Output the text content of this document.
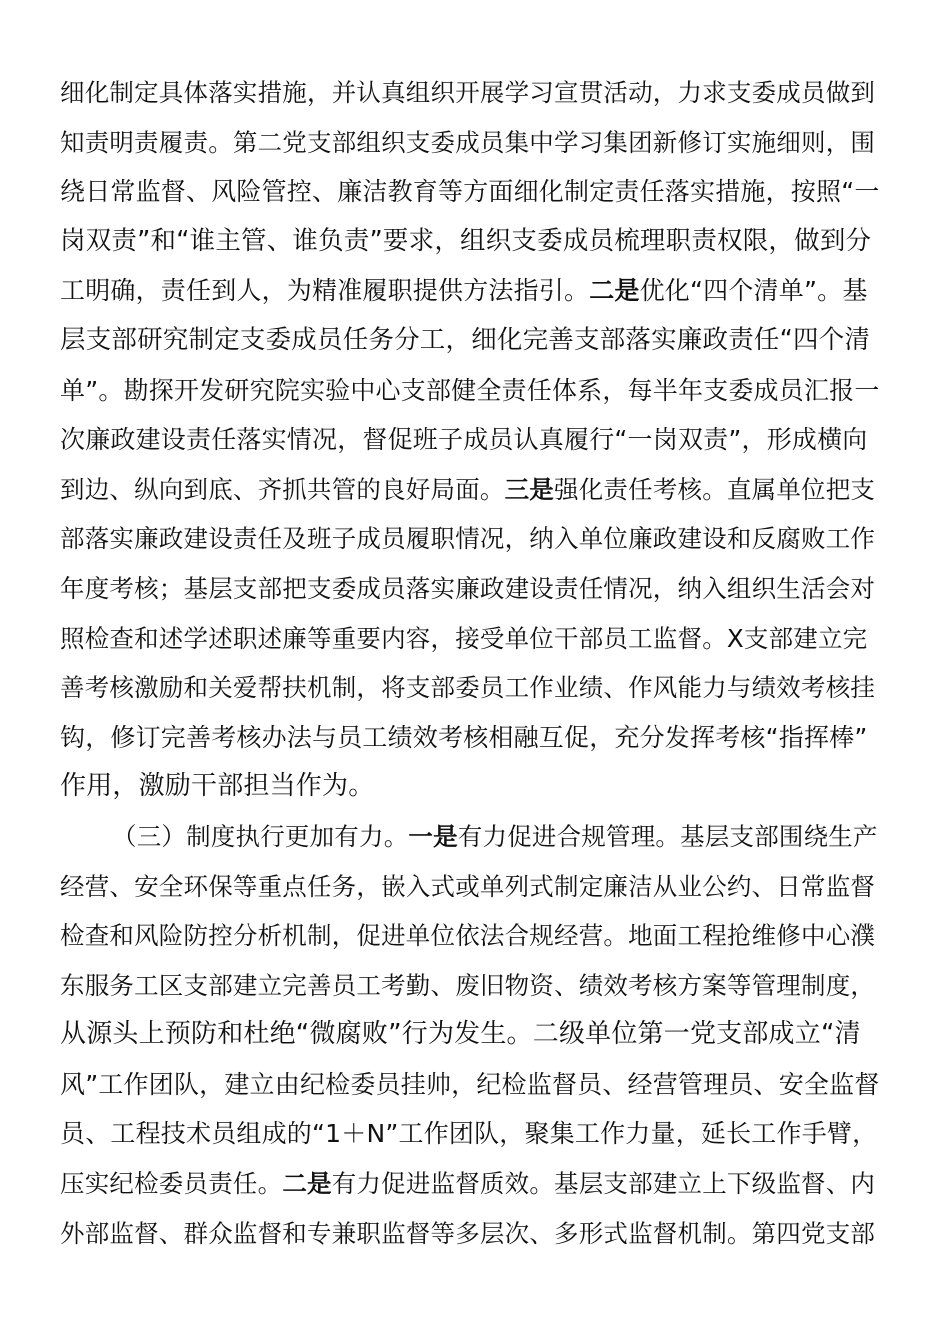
细化制定具体落实措施，并认真组织开展学习宣贯活动，力求支委成员做到
知责明责履责。第二党支部组织支委成员集中学习集团新修订实施细则，围
绕日常监督、风险管控、廉洁教育等方面细化制定责任落实措施，按照“一
岗双责”和“谁主管、谁负责”要求，组织支委成员梳理职责权限，做到分
工明确，责任到人，为精准履职提供方法指引。二是优化“四个清单”。基
层支部研究制定支委成员任务分工，细化完善支部落实廉政责任“四个清
单”。勘探开发研究院实验中心支部健全责任体系，每半年支委成员汇报一
次廉政建设责任落实情况，督促班子成员认真履行“一岗双责”，形成横向
到边、纵向到底、齐抓共管的良好局面。三是强化责任考核。直属单位把支
部落实廉政建设责任及班子成员履职情况，纳入单位廉政建设和反腐败工作
年度考核；基层支部把支委成员落实廉政建设责任情况，纳入组织生活会对
照检查和述学述职述廉等重要内容，接受单位干部员工监督。X支部建立完
善考核激励和关爱帮扶机制，将支部委员工作业绩、作风能力与绩效考核挂
钩，修订完善考核办法与员工绩效考核相融互促，充分发挥考核“指挥棒”
作用，激励干部担当作为。
（三）制度执行更加有力。一是有力促进合规管理。基层支部围绕生产
经营、安全环保等重点任务，嵌入式或单列式制定廉洁从业公约、日常监督
检查和风险防控分析机制，促进单位依法合规经营。地面工程抢维修中心濮
东服务工区支部建立完善员工考勤、废旧物资、绩效考核方案等管理制度，
从源头上预防和杜绝“微腐败”行为发生。二级单位第一党支部成立“清
风”工作团队，建立由纪检委员挂帅，纪检监督员、经营管理员、安全监督
员、工程技术员组成的“1＋N”工作团队，聚集工作力量，延长工作手臂，
压实纪检委员责任。二是有力促进监督质效。基层支部建立上下级监督、内
外部监督、群众监督和专兼职监督等多层次、多形式监督机制。第四党支部
